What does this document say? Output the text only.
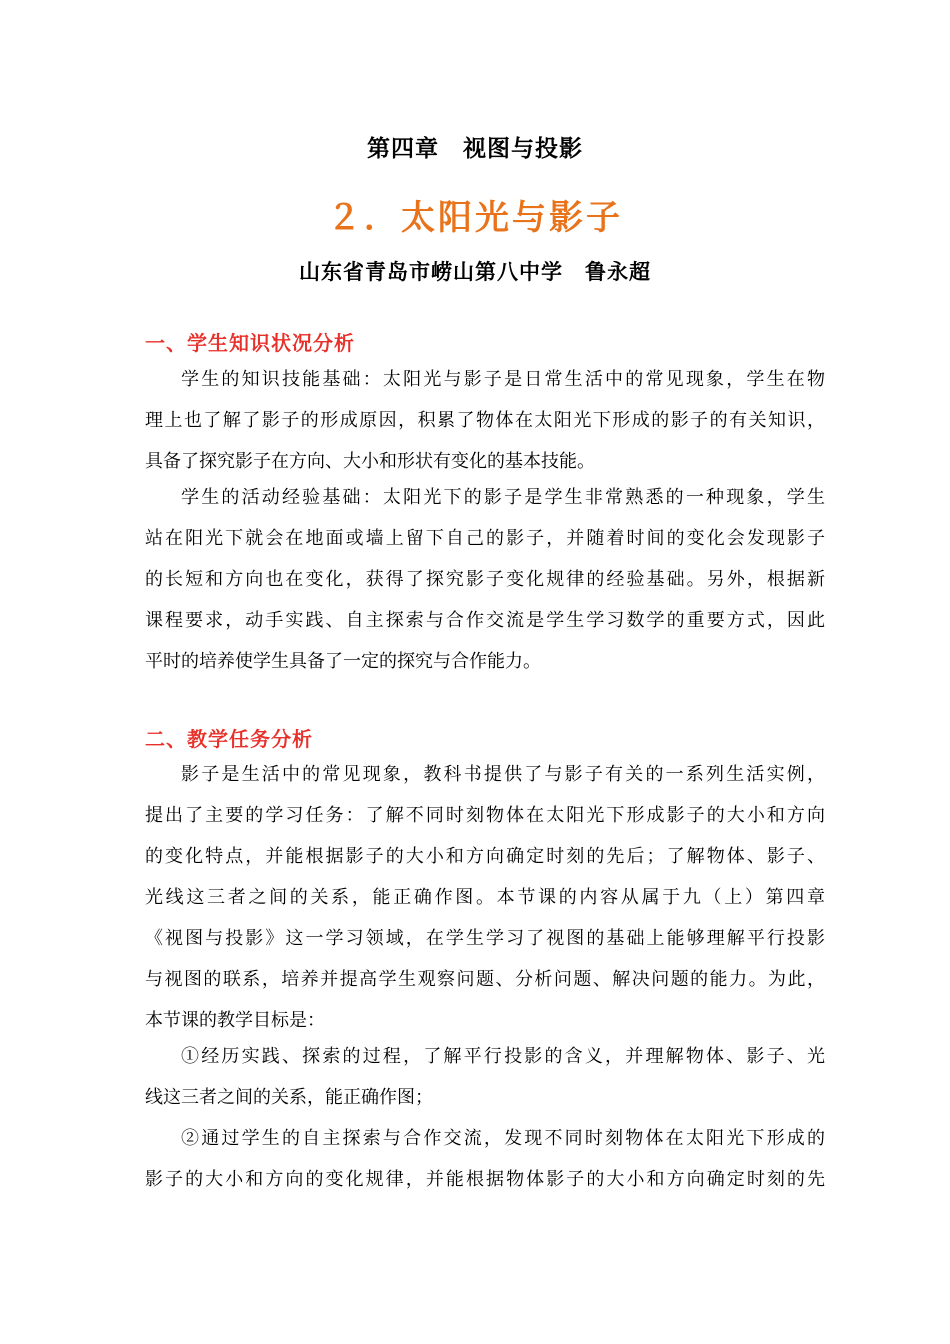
第四章　视图与投影
２．太阳光与影子
山东省青岛市崂山第八中学　鲁永超
一、学生知识状况分析
学生的知识技能基础：太阳光与影子是日常生活中的常见现象，学生在物
理上也了解了影子的形成原因，积累了物体在太阳光下形成的影子的有关知识，
具备了探究影子在方向、大小和形状有变化的基本技能。
学生的活动经验基础：太阳光下的影子是学生非常熟悉的一种现象，学生
站在阳光下就会在地面或墙上留下自己的影子，并随着时间的变化会发现影子
的长短和方向也在变化，获得了探究影子变化规律的经验基础。另外，根据新
课程要求，动手实践、自主探索与合作交流是学生学习数学的重要方式，因此
平时的培养使学生具备了一定的探究与合作能力。
二、教学任务分析
影子是生活中的常见现象，教科书提供了与影子有关的一系列生活实例，
提出了主要的学习任务：了解不同时刻物体在太阳光下形成影子的大小和方向
的变化特点，并能根据影子的大小和方向确定时刻的先后；了解物体、影子、
光线这三者之间的关系，能正确作图。本节课的内容从属于九（上）第四章
《视图与投影》这一学习领域，在学生学习了视图的基础上能够理解平行投影
与视图的联系，培养并提高学生观察问题、分析问题、解决问题的能力。为此，
本节课的教学目标是：
①经历实践、探索的过程，了解平行投影的含义，并理解物体、影子、光
线这三者之间的关系，能正确作图；
②通过学生的自主探索与合作交流，发现不同时刻物体在太阳光下形成的
影子的大小和方向的变化规律，并能根据物体影子的大小和方向确定时刻的先
